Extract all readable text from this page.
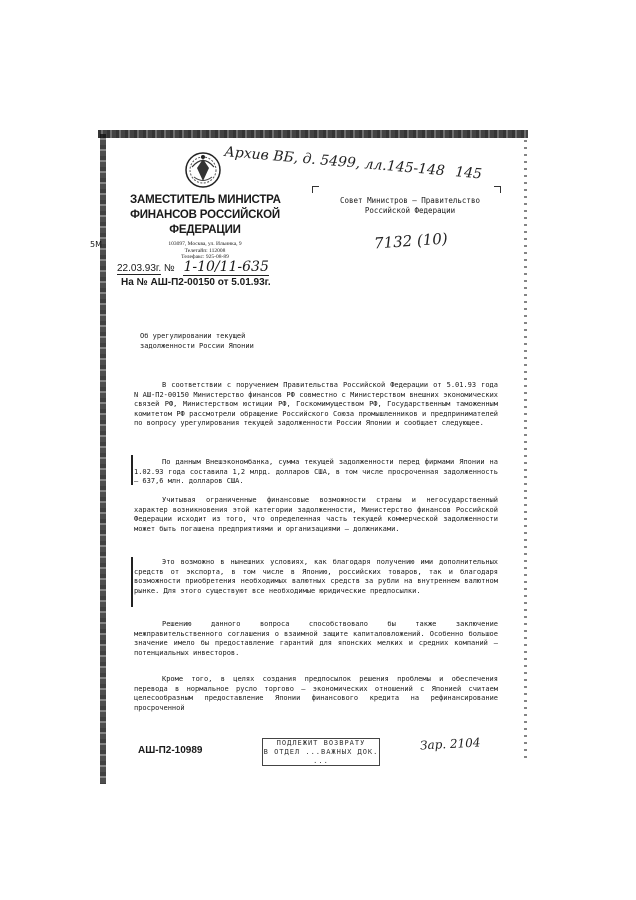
5М
Архив ВБ, д. 5499, лл.145-148 145
ЗАМЕСТИТЕЛЬ МИНИСТРА
ФИНАНСОВ РОССИЙСКОЙ
ФЕДЕРАЦИИ
103097, Москва, ул. Ильинка, 9
Телетайп: 112008
Телефакс: 925-08-89
22.03.93г. № 1-10/11-635
На № АШ-П2-00150 от 5.01.93г.
Совет Министров – Правительство
Российской Федерации
7132 (10)
Об урегулировании текущей
задолженности России Японии

В соответствии с поручением Правительства Российской Федерации от 5.01.93 года N АШ-П2-00150 Министерство финансов РФ совместно с Министерством внешних экономических связей РФ, Министерством юстиции РФ, Госкомимуществом РФ, Государственным таможенным комитетом РФ рассмотрели обращение Российского Союза промышленников и предпринимателей по вопросу урегулирования текущей задолженности России Японии и сообщает следующее.

По данным Внешэкономбанка, сумма текущей задолженности перед фирмами Японии на 1.02.93 года составила 1,2 млрд. долларов США, в том числе просроченная задолженность – 637,6 млн. долларов США.

Учитывая ограниченные финансовые возможности страны и негосударственный характер возникновения этой категории задолженности, Министерство финансов Российской Федерации исходит из того, что определенная часть текущей коммерческой задолженности может быть погашена предприятиями и организациями – должниками.

Это возможно в нынешних условиях, как благодаря получению ими дополнительных средств от экспорта, в том числе в Японию, российских товаров, так и благодаря возможности приобретения необходимых валютных средств за рубли на внутреннем валютном рынке. Для этого существуют все необходимые юридические предпосылки.

Решению данного вопроса способствовало бы также заключение межправительственного соглашения о взаимной защите капиталовложений. Особенно большое значение имело бы предоставление гарантий для японских мелких и средних компаний – потенциальных инвесторов.

Кроме того, в целях создания предпосылок решения проблемы и обеспечения перевода в нормальное русло торгово – экономических отношений с Японией считаем целесообразным предоставление Японии финансового кредита на рефинансирование просроченной

АШ-П2-10989
ПОДЛЕЖИТ ВОЗВРАТУ
В ОТДЕЛ ...ВАЖНЫХ ДОК. ...
Зар. 2104
